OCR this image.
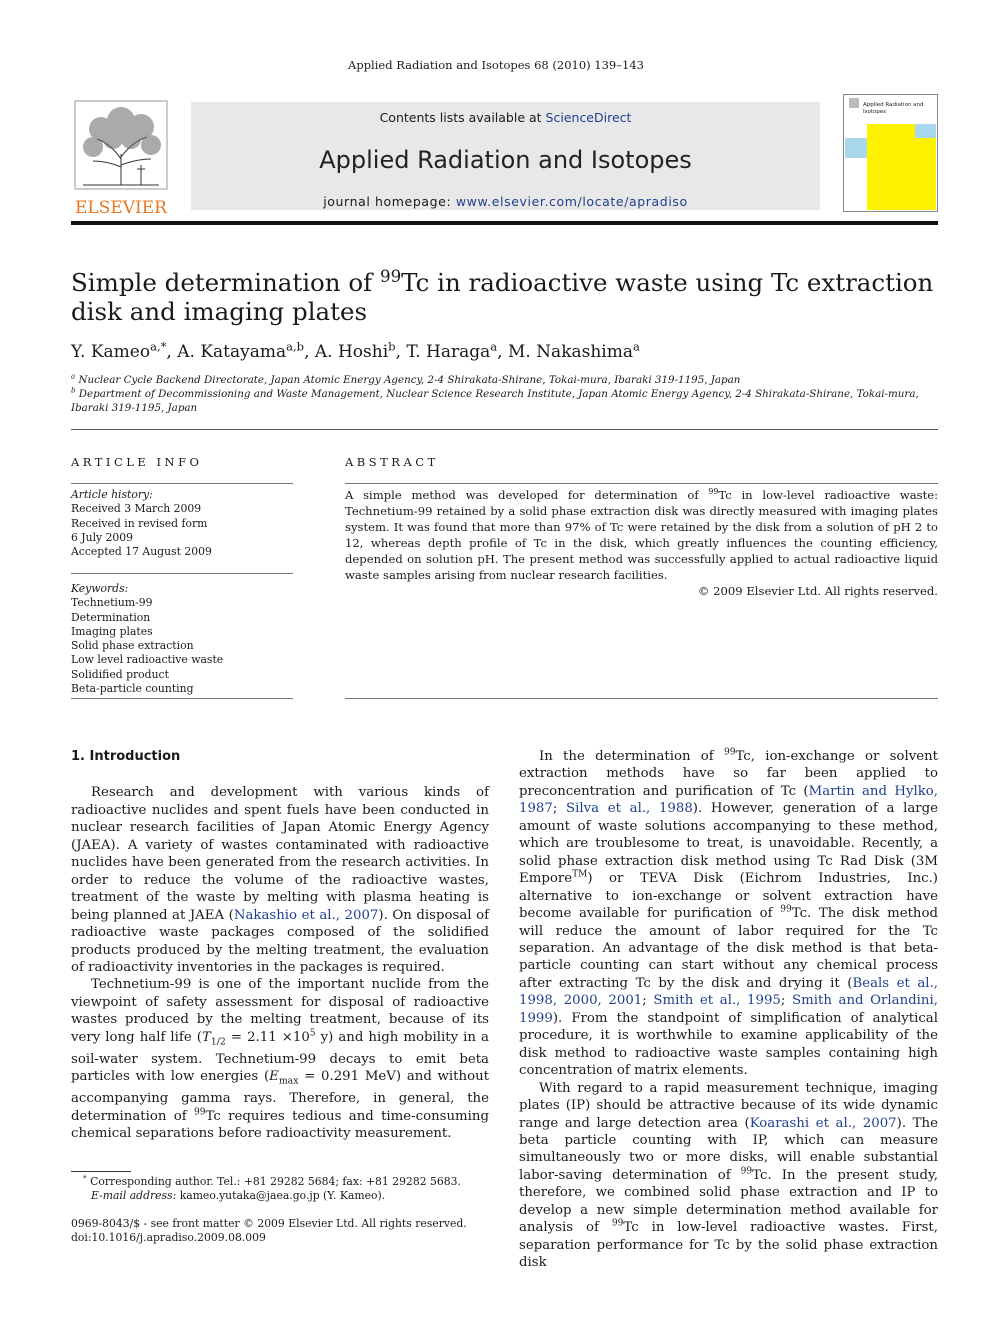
Applied Radiation and Isotopes 68 (2010) 139–143
ELSEVIER
Contents lists available at ScienceDirect
Applied Radiation and Isotopes
journal homepage: www.elsevier.com/locate/apradiso
Applied Radiation and
Isotopes
Simple determination of $^{99}$Tc in radioactive waste using Tc extraction disk and imaging plates
Y. Kameo$^{a,*}$, A. Katayama$^{a,b}$, A. Hoshi$^b$, T. Haraga$^a$, M. Nakashima$^a$
$^a$ Nuclear Cycle Backend Directorate, Japan Atomic Energy Agency, 2-4 Shirakata-Shirane, Tokai-mura, Ibaraki 319-1195, Japan
$^b$ Department of Decommissioning and Waste Management, Nuclear Science Research Institute, Japan Atomic Energy Agency, 2-4 Shirakata-Shirane, Tokai-mura, Ibaraki 319-1195, Japan
ARTICLE INFO	ABSTRACT
Article history:
Received 3 March 2009
Received in revised form
6 July 2009
Accepted 17 August 2009
Keywords:
Technetium-99
Determination
Imaging plates
Solid phase extraction
Low level radioactive waste
Solidified product
Beta-particle counting
A simple method was developed for determination of $^{99}$Tc in low-level radioactive waste: Technetium-99 retained by a solid phase extraction disk was directly measured with imaging plates system. It was found that more than 97% of Tc were retained by the disk from a solution of pH 2 to 12, whereas depth profile of Tc in the disk, which greatly influences the counting efficiency, depended on solution pH. The present method was successfully applied to actual radioactive liquid waste samples arising from nuclear research facilities.
© 2009 Elsevier Ltd. All rights reserved.
1. Introduction

Research and development with various kinds of radioactive nuclides and spent fuels have been conducted in nuclear research facilities of Japan Atomic Energy Agency (JAEA). A variety of wastes contaminated with radioactive nuclides have been generated from the research activities. In order to reduce the volume of the radioactive wastes, treatment of the waste by melting with plasma heating is being planned at JAEA (Nakashio et al., 2007). On disposal of radioactive waste packages composed of the solidified products produced by the melting treatment, the evaluation of radioactivity inventories in the packages is required.

Technetium-99 is one of the important nuclide from the viewpoint of safety assessment for disposal of radioactive wastes produced by the melting treatment, because of its very long half life ($T_{1/2} = 2.11 \times 10^5$ y) and high mobility in a soil-water system. Technetium-99 decays to emit beta particles with low energies ($E_{max} = 0.291$ MeV) and without accompanying gamma rays. Therefore, in general, the determination of $^{99}$Tc requires tedious and time-consuming chemical separations before radioactivity measurement.

In the determination of $^{99}$Tc, ion-exchange or solvent extraction methods have so far been applied to preconcentration and purification of Tc (Martin and Hylko, 1987; Silva et al., 1988). However, generation of a large amount of waste solutions accompanying to these method, which are troublesome to treat, is unavoidable. Recently, a solid phase extraction disk method using Tc Rad Disk (3M Empore™) or TEVA Disk (Eichrom Industries, Inc.) alternative to ion-exchange or solvent extraction have become available for purification of $^{99}$Tc. The disk method will reduce the amount of labor required for the Tc separation. An advantage of the disk method is that beta-particle counting can start without any chemical process after extracting Tc by the disk and drying it (Beals et al., 1998, 2000, 2001; Smith et al., 1995; Smith and Orlandini, 1999). From the standpoint of simplification of analytical procedure, it is worthwhile to examine applicability of the disk method to radioactive waste samples containing high concentration of matrix elements.

With regard to a rapid measurement technique, imaging plates (IP) should be attractive because of its wide dynamic range and large detection area (Koarashi et al., 2007). The beta particle counting with IP, which can measure simultaneously two or more disks, will enable substantial labor-saving determination of $^{99}$Tc. In the present study, therefore, we combined solid phase extraction and IP to develop a new simple determination method available for analysis of $^{99}$Tc in low-level radioactive wastes. First, separation performance for Tc by the solid phase extraction disk

* Corresponding author. Tel.: +81 29282 5684; fax: +81 29282 5683.
E-mail address: kameo.yutaka@jaea.go.jp (Y. Kameo).
0969-8043/$ - see front matter © 2009 Elsevier Ltd. All rights reserved.
doi:10.1016/j.apradiso.2009.08.009
